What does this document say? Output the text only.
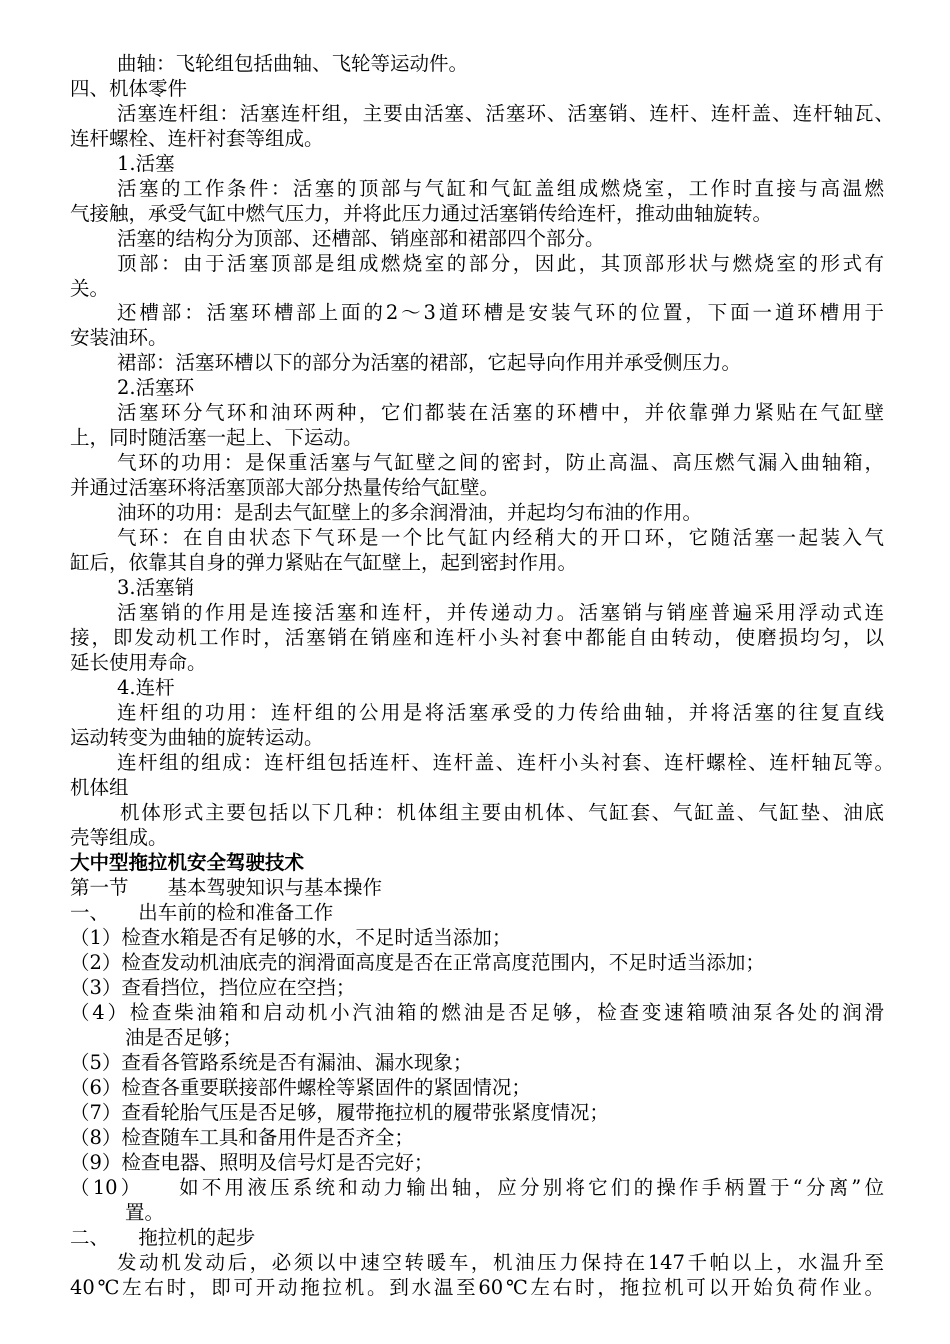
曲轴：飞轮组包括曲轴、飞轮等运动件。
四、机体零件
活塞连杆组：活塞连杆组，主要由活塞、活塞环、活塞销、连杆、连杆盖、连杆轴瓦、
连杆螺栓、连杆衬套等组成。
1.活塞
活塞的工作条件：活塞的顶部与气缸和气缸盖组成燃烧室，工作时直接与高温燃
气接触，承受气缸中燃气压力，并将此压力通过活塞销传给连杆，推动曲轴旋转。
活塞的结构分为顶部、还槽部、销座部和裙部四个部分。
顶部：由于活塞顶部是组成燃烧室的部分，因此，其顶部形状与燃烧室的形式有
关。
还槽部：活塞环槽部上面的2～3道环槽是安装气环的位置，下面一道环槽用于
安装油环。
裙部：活塞环槽以下的部分为活塞的裙部，它起导向作用并承受侧压力。
2.活塞环
活塞环分气环和油环两种，它们都装在活塞的环槽中，并依靠弹力紧贴在气缸壁
上，同时随活塞一起上、下运动。
气环的功用：是保重活塞与气缸壁之间的密封，防止高温、高压燃气漏入曲轴箱，
并通过活塞环将活塞顶部大部分热量传给气缸壁。
油环的功用：是刮去气缸壁上的多余润滑油，并起均匀布油的作用。
气环：在自由状态下气环是一个比气缸内经稍大的开口环，它随活塞一起装入气
缸后，依靠其自身的弹力紧贴在气缸壁上，起到密封作用。
3.活塞销
活塞销的作用是连接活塞和连杆，并传递动力。活塞销与销座普遍采用浮动式连
接，即发动机工作时，活塞销在销座和连杆小头衬套中都能自由转动，使磨损均匀，以
延长使用寿命。
4.连杆
连杆组的功用：连杆组的公用是将活塞承受的力传给曲轴，并将活塞的往复直线
运动转变为曲轴的旋转运动。
连杆组的组成：连杆组包括连杆、连杆盖、连杆小头衬套、连杆螺栓、连杆轴瓦等。
机体组
机体形式主要包括以下几种：机体组主要由机体、气缸套、气缸盖、气缸垫、油底
壳等组成。
大中型拖拉机安全驾驶技术
第一节　　基本驾驶知识与基本操作
一、　　出车前的检和准备工作
（1）检查水箱是否有足够的水，不足时适当添加；
（2）检查发动机油底壳的润滑面高度是否在正常高度范围内，不足时适当添加；
（3）查看挡位，挡位应在空挡；
（4）检查柴油箱和启动机小汽油箱的燃油是否足够，检查变速箱喷油泵各处的润滑
油是否足够；
（5）查看各管路系统是否有漏油、漏水现象；
（6）检查各重要联接部件螺栓等紧固件的紧固情况；
（7）查看轮胎气压是否足够，履带拖拉机的履带张紧度情况；
（8）检查随车工具和备用件是否齐全；
（9）检查电器、照明及信号灯是否完好；
（10）　　如不用液压系统和动力输出轴，应分别将它们的操作手柄置于“分离”位
置。
二、　　拖拉机的起步
发动机发动后，必须以中速空转暖车，机油压力保持在147千帕以上，水温升至
40℃左右时，即可开动拖拉机。到水温至60℃左右时，拖拉机可以开始负荷作业。
